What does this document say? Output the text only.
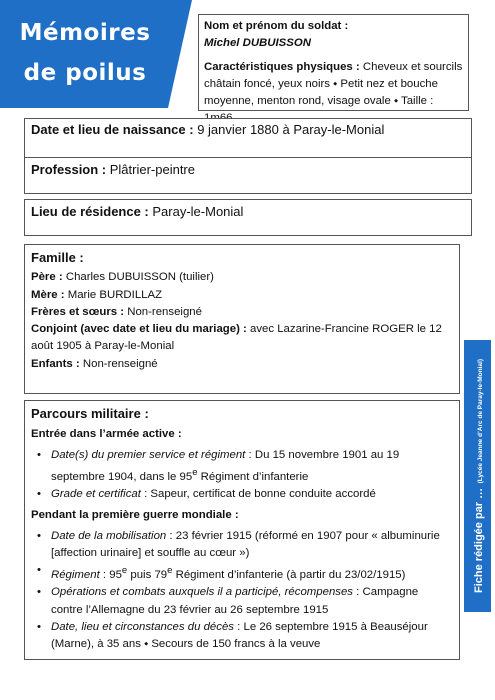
Mémoires
de poilus
Nom et prénom du soldat :
Michel DUBUISSON
Caractéristiques physiques : Cheveux et sourcils châtain foncé, yeux noirs ⬩ Petit nez et bouche moyenne, menton rond, visage ovale ⬩ Taille :
Date et lieu de naissance : 9 janvier 1880 à Paray-le-Monial
Profession : Plâtrier-peintre
Lieu de résidence : Paray-le-Monial
Famille :
Père : Charles DUBUISSON (tuilier)
Mère : Marie BURDILLAZ
Frères et sœurs : Non-renseigné
Conjoint (avec date et lieu du mariage) : avec Lazarine-Francine ROGER le 12 août 1905 à Paray-le-Monial
Enfants : Non-renseigné
Parcours militaire :
Entrée dans l’armée active :
• Date(s) du premier service et régiment : Du 15 novembre 1901 au 19 septembre 1904, dans le 95e Régiment d’infanterie
• Grade et certificat : Sapeur, certificat de bonne conduite accordé
Pendant la première guerre mondiale :
• Date de la mobilisation : 23 février 1915 (réformé en 1907 pour « albuminurie [affection urinaire] et souffle au cœur »)
• Régiment : 95e puis 79e Régiment d’infanterie (à partir du 23/02/1915)
• Opérations et combats auxquels il a participé, récompenses : Campagne contre l’Allemagne du 23 février au 26 septembre 1915
• Date, lieu et circonstances du décès : Le 26 septembre 1915 à Beauséjour (Marne), à 35 ans ⬩ Secours de 150 francs à la veuve
Fiche rédigée par … (Lycée Jeanne d’Arc de Paray-le-Monial)
